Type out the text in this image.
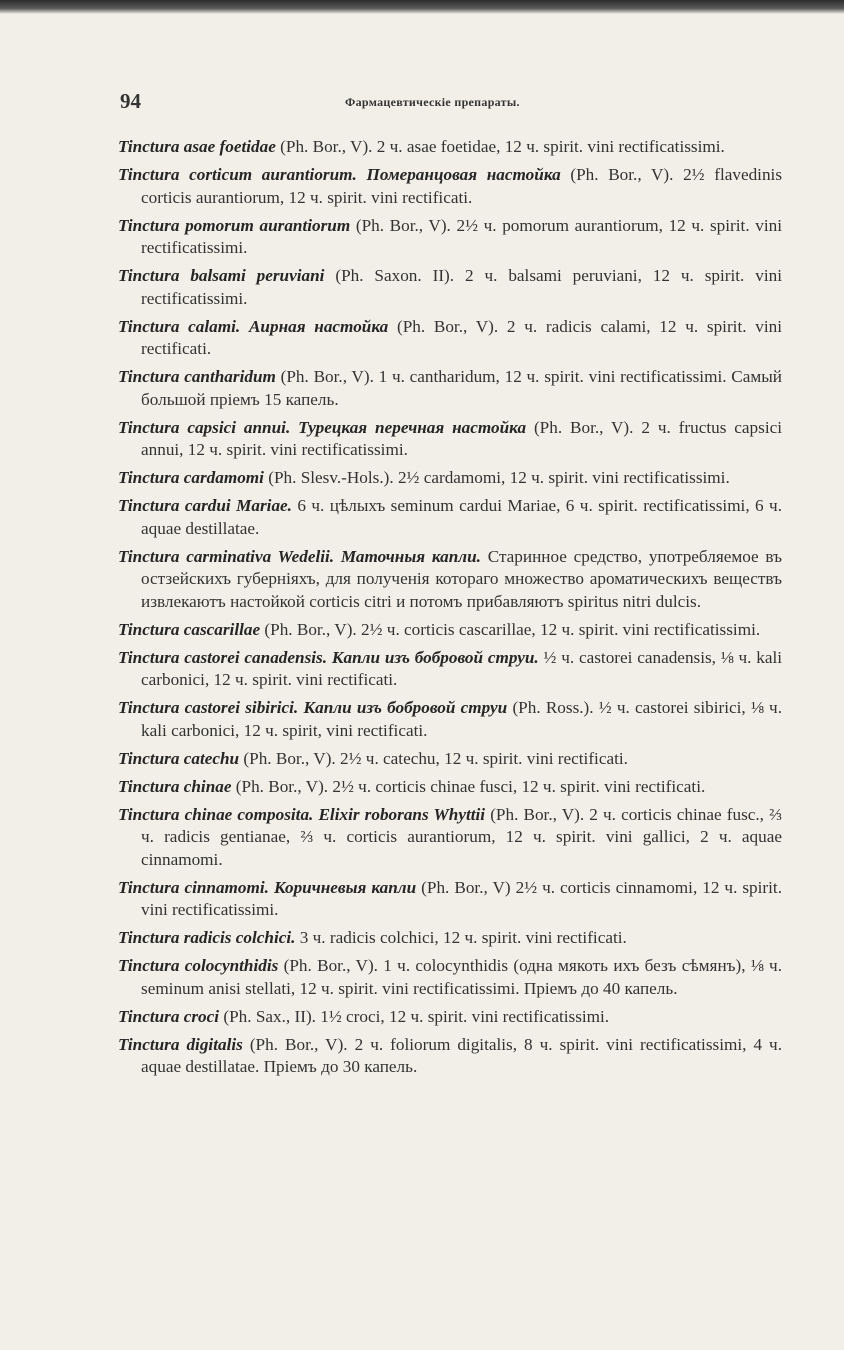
94	Фармацевтическiе препараты.

Tinctura asae foetidae (Ph. Bor., V). 2 ч. asae foetidae, 12 ч. spirit. vini rectificatissimi.

Tinctura corticum aurantiorum. Померанцовая настойка (Ph. Bor., V). 2½ flavedinis corticis aurantiorum, 12 ч. spirit. vini rectificati.

Tinctura pomorum aurantiorum (Ph. Bor., V). 2½ ч. pomorum aurantiorum, 12 ч. spirit. vini rectificatissimi.

Tinctura balsami peruviani (Ph. Saxon. II). 2 ч. balsami peruviani, 12 ч. spirit. vini rectificatissimi.

Tinctura calami. Аирная настойка (Ph. Bor., V). 2 ч. radicis calami, 12 ч. spirit. vini rectificati.

Tinctura cantharidum (Ph. Bor., V). 1 ч. cantharidum, 12 ч. spirit. vini rectificatissimi. Самый большой прiемъ 15 капель.

Tinctura capsici annui. Турецкая перечная настойка (Ph. Bor., V). 2 ч. fructus capsici annui, 12 ч. spirit. vini rectificatissimi.

Tinctura cardamomi (Ph. Slesv.-Hols.). 2½ cardamomi, 12 ч. spirit. vini rectificatissimi.

Tinctura cardui Mariae. 6 ч. цѣлыхъ seminum cardui Mariae, 6 ч. spirit. rectificatissimi, 6 ч. aquae destillatae.

Tinctura carminativa Wedelii. Маточныя капли. Старинное средство, употребляемое въ остзейскихъ губернiяхъ, для полученiя котораго множество ароматическихъ веществъ извлекаютъ настойкой corticis citri и потомъ прибавляютъ spiritus nitri dulcis.

Tinctura cascarillae (Ph. Bor., V). 2½ ч. corticis cascarillae, 12 ч. spirit. vini rectificatissimi.

Tinctura castorei canadensis. Капли изъ бобровой струи. ½ ч. castorei canadensis, ⅛ ч. kali carbonici, 12 ч. spirit. vini rectificati.

Tinctura castorei sibirici. Капли изъ бобровой струи (Ph. Ross.). ½ ч. castorei sibirici, ⅛ ч. kali carbonici, 12 ч. spirit, vini rectificati.

Tinctura catechu (Ph. Bor., V). 2½ ч. catechu, 12 ч. spirit. vini rectificati.

Tinctura chinae (Ph. Bor., V). 2½ ч. corticis chinae fusci, 12 ч. spirit. vini rectificati.

Tinctura chinae composita. Elixir roborans Whyttii (Ph. Bor., V). 2 ч. corticis chinae fusc., ⅔ ч. radicis gentianae, ⅔ ч. corticis aurantiorum, 12 ч. spirit. vini gallici, 2 ч. aquae cinnamomi.

Tinctura cinnamomi. Коричневыя капли (Ph. Bor., V) 2½ ч. corticis cinnamomi, 12 ч. spirit. vini rectificatissimi.

Tinctura radicis colchici. 3 ч. radicis colchici, 12 ч. spirit. vini rectificati.

Tinctura colocynthidis (Ph. Bor., V). 1 ч. colocynthidis (одна мякоть ихъ безъ сѣмянъ), ⅛ ч. seminum anisi stellati, 12 ч. spirit. vini rectificatissimi. Прiемъ до 40 капель.

Tinctura croci (Ph. Sax., II). 1½ croci, 12 ч. spirit. vini rectificatissimi.

Tinctura digitalis (Ph. Bor., V). 2 ч. foliorum digitalis, 8 ч. spirit. vini rectificatissimi, 4 ч. aquae destillatae. Прiемъ до 30 капель.
